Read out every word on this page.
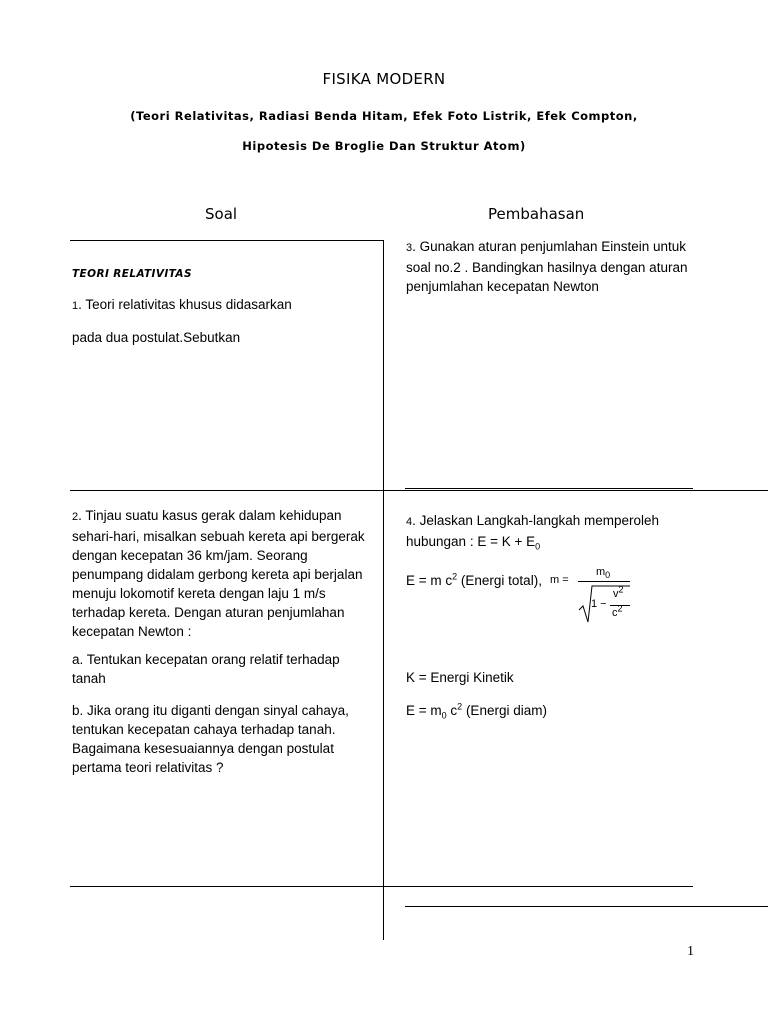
FISIKA MODERN
(Teori Relativitas, Radiasi Benda Hitam, Efek Foto Listrik, Efek Compton,
Hipotesis De Broglie Dan Struktur Atom)
Soal	Pembahasan
TEORI RELATIVITAS
1. Teori relativitas khusus didasarkan
pada dua postulat.Sebutkan
2. Tinjau suatu kasus gerak dalam kehidupan sehari-hari, misalkan sebuah kereta api bergerak dengan kecepatan 36 km/jam. Seorang penumpang didalam gerbong kereta api berjalan menuju lokomotif kereta dengan laju 1 m/s terhadap kereta. Dengan aturan penjumlahan kecepatan Newton :
a. Tentukan kecepatan orang relatif terhadap tanah
b. Jika orang itu diganti dengan sinyal cahaya, tentukan kecepatan cahaya terhadap tanah. Bagaimana kesesuaiannya dengan postulat pertama teori relativitas ?
3. Gunakan aturan penjumlahan Einstein untuk soal no.2 . Bandingkan hasilnya dengan aturan penjumlahan kecepatan Newton
4. Jelaskan Langkah-langkah memperoleh
hubungan : $E = K + E_0$
E = m $c^2$ (Energi total), m =
$m_0$
1 −
$v^2$
$c^2$
K = Energi Kinetik
$E = m_0$ $c^2$ (Energi diam)
1
